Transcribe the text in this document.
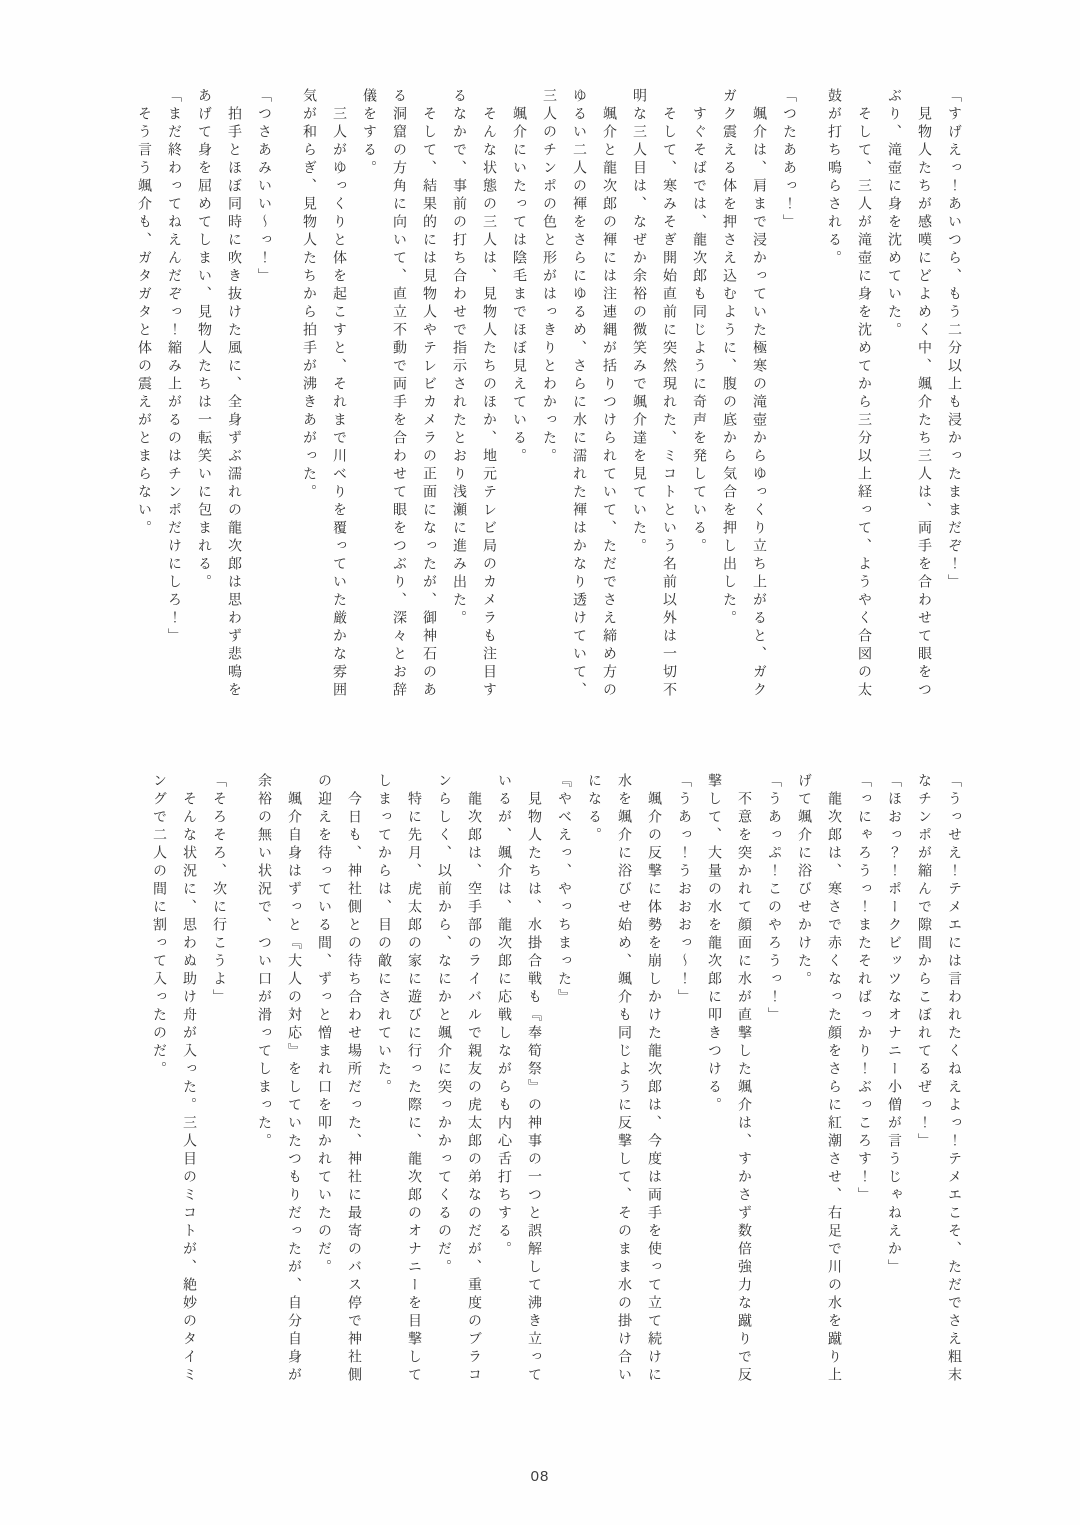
「すげえっ！あいつら、もう二分以上も浸かったままだぞ！」

見物人たちが感嘆にどよめく中、颯介たち三人は、両手を合わせて眼をつぶり、滝壺に身を沈めていた。

そして、三人が滝壺に身を沈めてから三分以上経って、ようやく合図の太鼓が打ち鳴らされる。

「つたああっ！」

颯介は、肩まで浸かっていた極寒の滝壺からゆっくり立ち上がると、ガクガク震える体を押さえ込むように、腹の底から気合を押し出した。

すぐそばでは、龍次郎も同じように奇声を発している。

そして、寒みそぎ開始直前に突然現れた、ミコトという名前以外は一切不明な三人目は、なぜか余裕の微笑みで颯介達を見ていた。

颯介と龍次郎の褌には注連縄が括りつけられていて、ただでさえ締め方のゆるい二人の褌をさらにゆるめ、さらに水に濡れた褌はかなり透けていて、三人のチンポの色と形がはっきりとわかった。

颯介にいたっては陰毛までほぼ見えている。

そんな状態の三人は、見物人たちのほか、地元テレビ局のカメラも注目するなかで、事前の打ち合わせで指示されたとおり浅瀬に進み出た。

そして、結果的には見物人やテレビカメラの正面になったが、御神石のある洞窟の方角に向いて、直立不動で両手を合わせて眼をつぶり、深々とお辞儀をする。

三人がゆっくりと体を起こすと、それまで川べりを覆っていた厳かな雰囲気が和らぎ、見物人たちから拍手が沸きあがった。

「つさあみいい〜っ！」

拍手とほぼ同時に吹き抜けた風に、全身ずぶ濡れの龍次郎は思わず悲鳴をあげて身を屈めてしまい、見物人たちは一転笑いに包まれる。

「まだ終わってねえんだぞっ！縮み上がるのはチンポだけにしろ！」

そう言う颯介も、ガタガタと体の震えがとまらない。

「うっせえ！テメエには言われたくねえよっ！テメエこそ、ただでさえ粗末なチンポが縮んで隙間からこぼれてるぜっ！」

「ほおっ？！ポークビッツなオナニー小僧が言うじゃねえか」

「っにゃろうっ！またそればっかり！ぶっころす！」

龍次郎は、寒さで赤くなった顔をさらに紅潮させ、右足で川の水を蹴り上げて颯介に浴びせかけた。

「うあっぷ！このやろうっ！」

不意を突かれて顔面に水が直撃した颯介は、すかさず数倍強力な蹴りで反撃して、大量の水を龍次郎に叩きつける。

「うあっ！うおおおっ〜！」

颯介の反撃に体勢を崩しかけた龍次郎は、今度は両手を使って立て続けに水を颯介に浴びせ始め、颯介も同じように反撃して、そのまま水の掛け合いになる。

『やべえっ、やっちまった』

見物人たちは、水掛合戦も『奉筍祭』の神事の一つと誤解して沸き立っているが、颯介は、龍次郎に応戦しながらも内心舌打ちする。

龍次郎は、空手部のライバルで親友の虎太郎の弟なのだが、重度のブラコンらしく、以前から、なにかと颯介に突っかかってくるのだ。

特に先月、虎太郎の家に遊びに行った際に、龍次郎のオナニーを目撃してしまってからは、目の敵にされていた。

今日も、神社側との待ち合わせ場所だった、神社に最寄のバス停で神社側の迎えを待っている間、ずっと憎まれ口を叩かれていたのだ。

颯介自身はずっと『大人の対応』をしていたつもりだったが、自分自身が余裕の無い状況で、つい口が滑ってしまった。

「そろそろ、次に行こうよ」

そんな状況に、思わぬ助け舟が入った。三人目のミコトが、絶妙のタイミングで二人の間に割って入ったのだ。

08
